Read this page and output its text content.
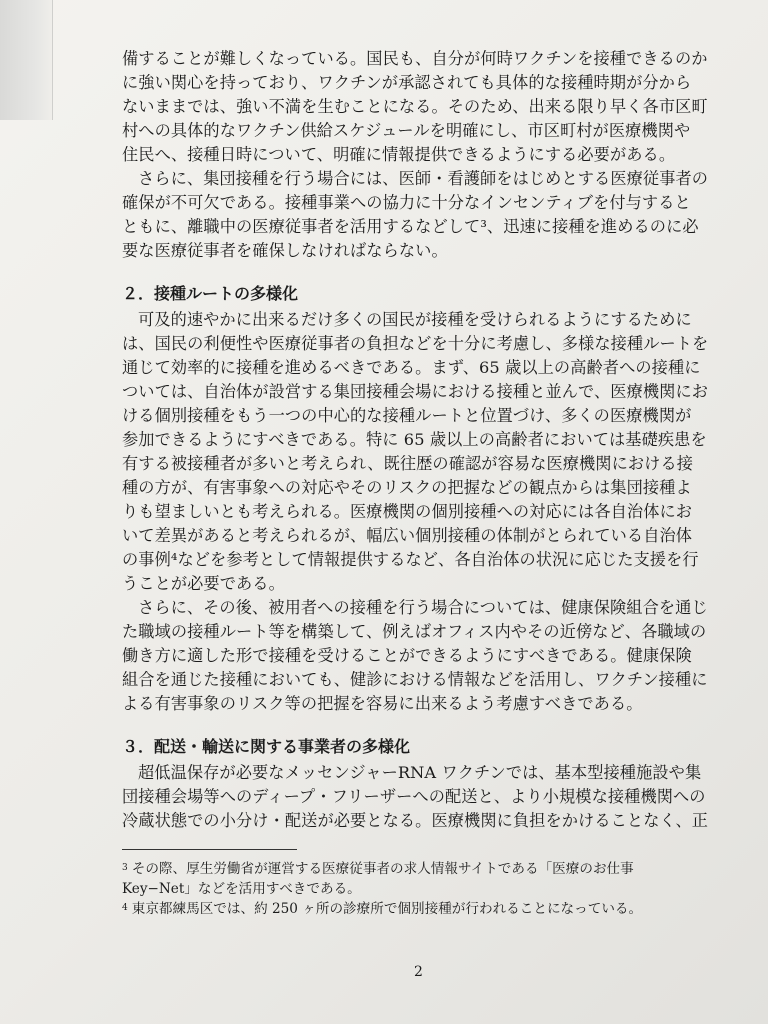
備することが難しくなっている。国民も、自分が何時ワクチンを接種できるのか
に強い関心を持っており、ワクチンが承認されても具体的な接種時期が分から
ないままでは、強い不満を生むことになる。そのため、出来る限り早く各市区町
村への具体的なワクチン供給スケジュールを明確にし、市区町村が医療機関や
住民へ、接種日時について、明確に情報提供できるようにする必要がある。
さらに、集団接種を行う場合には、医師・看護師をはじめとする医療従事者の
確保が不可欠である。接種事業への協力に十分なインセンティブを付与すると
ともに、離職中の医療従事者を活用するなどして³、迅速に接種を進めるのに必
要な医療従事者を確保しなければならない。
２．接種ルートの多様化
可及的速やかに出来るだけ多くの国民が接種を受けられるようにするために
は、国民の利便性や医療従事者の負担などを十分に考慮し、多様な接種ルートを
通じて効率的に接種を進めるべきである。まず、65 歳以上の高齢者への接種に
ついては、自治体が設営する集団接種会場における接種と並んで、医療機関にお
ける個別接種をもう一つの中心的な接種ルートと位置づけ、多くの医療機関が
参加できるようにすべきである。特に 65 歳以上の高齢者においては基礎疾患を
有する被接種者が多いと考えられ、既往歴の確認が容易な医療機関における接
種の方が、有害事象への対応やそのリスクの把握などの観点からは集団接種よ
りも望ましいとも考えられる。医療機関の個別接種への対応には各自治体にお
いて差異があると考えられるが、幅広い個別接種の体制がとられている自治体
の事例⁴などを参考として情報提供するなど、各自治体の状況に応じた支援を行
うことが必要である。
さらに、その後、被用者への接種を行う場合については、健康保険組合を通じ
た職域の接種ルート等を構築して、例えばオフィス内やその近傍など、各職域の
働き方に適した形で接種を受けることができるようにすべきである。健康保険
組合を通じた接種においても、健診における情報などを活用し、ワクチン接種に
よる有害事象のリスク等の把握を容易に出来るよう考慮すべきである。
３．配送・輸送に関する事業者の多様化
超低温保存が必要なメッセンジャーRNA ワクチンでは、基本型接種施設や集
団接種会場等へのディープ・フリーザーへの配送と、より小規模な接種機関への
冷蔵状態での小分け・配送が必要となる。医療機関に負担をかけることなく、正
$^3$ その際、厚生労働省が運営する医療従事者の求人情報サイトである「医療のお仕事
Key−Net」などを活用すべきである。
$^4$ 東京都練馬区では、約 250 ヶ所の診療所で個別接種が行われることになっている。
2
